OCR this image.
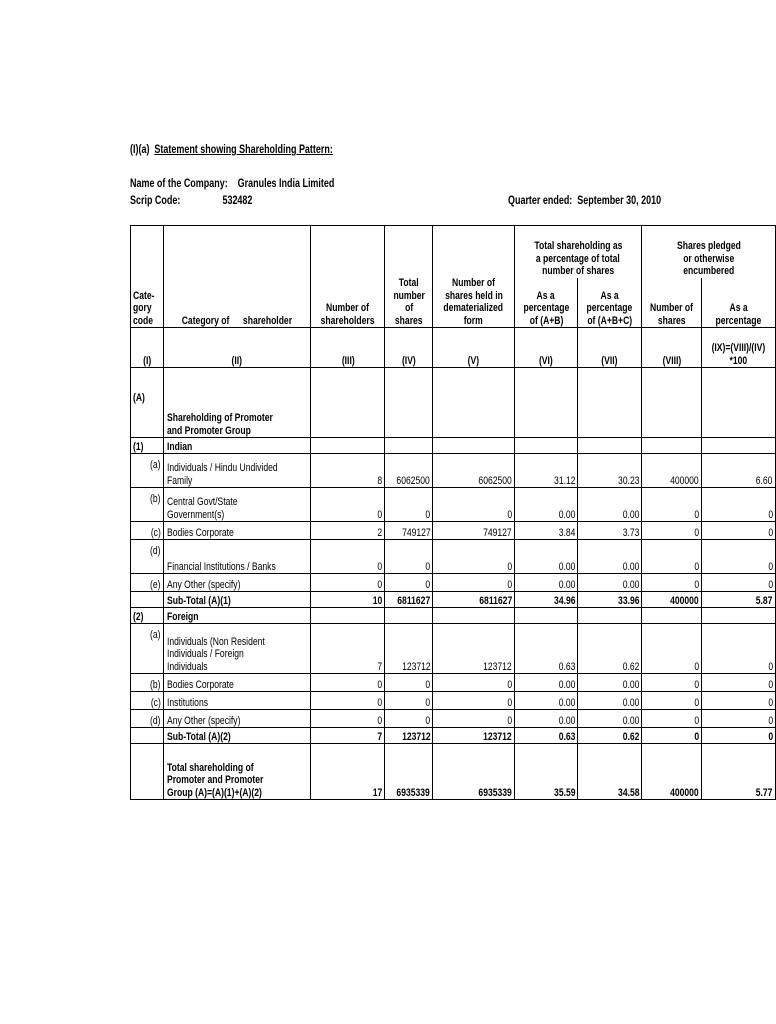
(I)(a) Statement showing Shareholding Pattern:
Name of the Company: Granules India Limited
Scrip Code:	532482	Quarter ended: September 30, 2010
Cate-gorycode	Category of shareholder	Number ofshareholders	Totalnumberofshares	Number ofshares held indematerializedform	Total shareholding asa percentage of totalnumber of shares		Shares pledgedor otherwiseencumbered	
					As apercentageof (A+B)	As apercentageof (A+B+C)	Number ofshares	As apercentage
(I)	(II)	(III)	(IV)	(V)	(VI)	(VII)	(VIII)	(IX)=(VIII)/(IV)*100

(A)	Shareholding of Promoterand Promoter Group							
(1)	Indian							
(a)	Individuals / Hindu UndividedFamily	8	6062500	6062500	31.12	30.23	400000	6.60
(b)	Central Govt/StateGovernment(s)	0	0	0	0.00	0.00	0	0
(c)	Bodies Corporate	2	749127	749127	3.84	3.73	0	0
(d)	Financial Institutions / Banks	0	0	0	0.00	0.00	0	0
(e)	Any Other (specify)	0	0	0	0.00	0.00	0	0
	Sub-Total (A)(1)	10	6811627	6811627	34.96	33.96	400000	5.87
(2)	Foreign							
(a)	Individuals (Non ResidentIndividuals / ForeignIndividuals	7	123712	123712	0.63	0.62	0	0
(b)	Bodies Corporate	0	0	0	0.00	0.00	0	0
(c)	Institutions	0	0	0	0.00	0.00	0	0
(d)	Any Other (specify)	0	0	0	0.00	0.00	0	0
	Sub-Total (A)(2)	7	123712	123712	0.63	0.62	0	0
	Total shareholding ofPromoter and PromoterGroup (A)=(A)(1)+(A)(2)	17	6935339	6935339	35.59	34.58	400000	5.77
